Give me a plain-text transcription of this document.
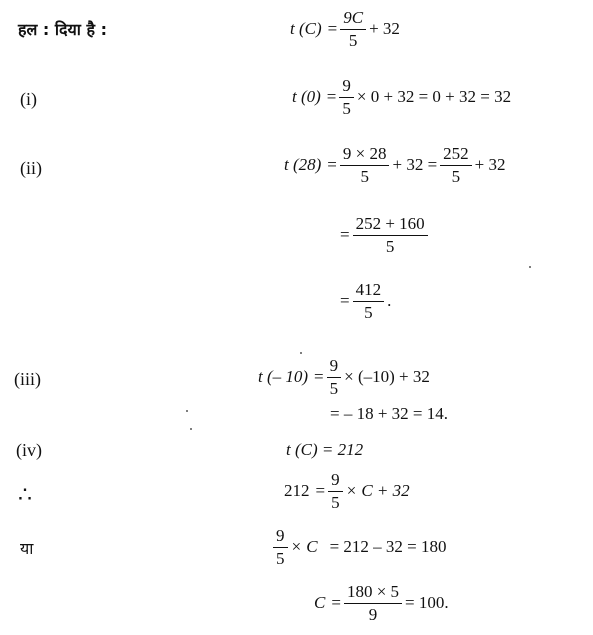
हल : दिया है :
(i)
(ii)
(iii)
(iv)
∴
या
t $(C) = \frac{9C}{5} + 32$
t $(0) = \frac{9}{5} \times 0 + 32 = 0 + 32 = 32$
t $(28) = \frac{9 \times 28}{5} + 32 = \frac{252}{5} + 32$
= $\frac{252 + 160}{5}$
= $\frac{412}{5}$ .
t (– $10) = \frac{9}{5} \times (-10) + 32$
= – 18 + 32 = 14.
t (C) = 212
$212 = \frac{9}{5} \times C + 32$
$\frac{9}{5} \times C = 212 - 32 = 180$
$C = \frac{180 \times 5}{9} = 100$.
